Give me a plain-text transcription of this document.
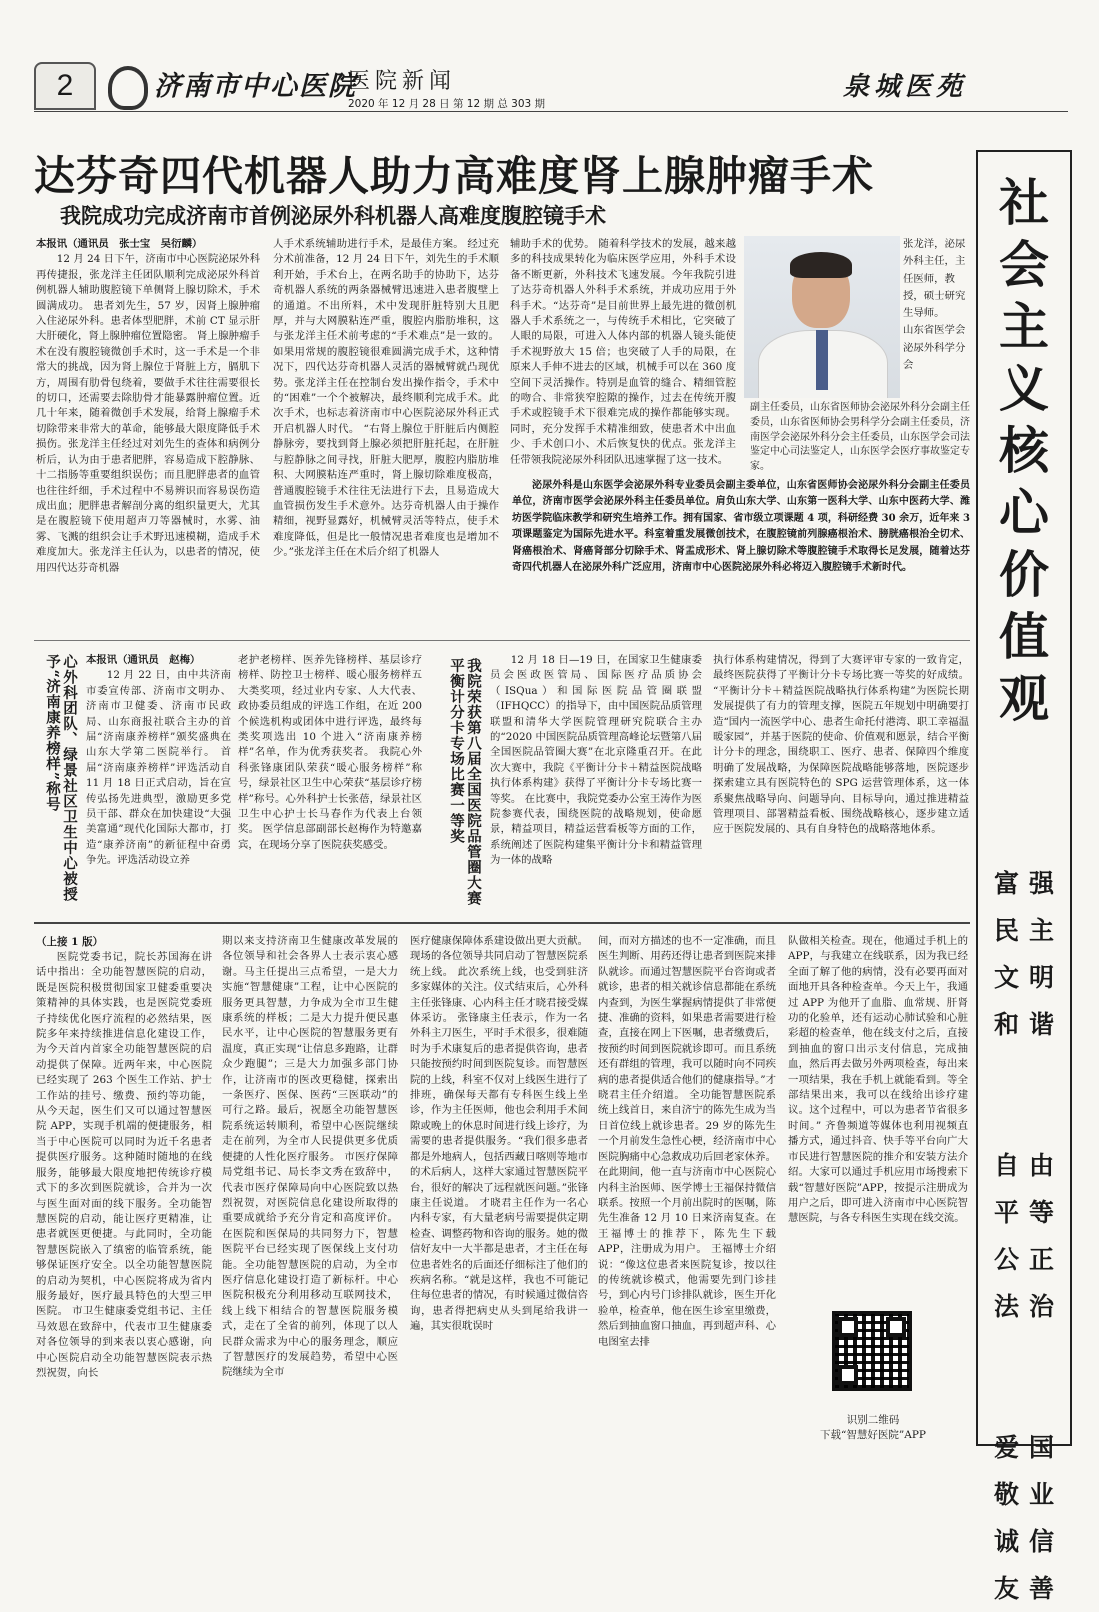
2	济南市中心医院
医院新闻
2020 年 12 月 28 日 第 12 期 总 303 期
泉城医苑
达芬奇四代机器人助力高难度肾上腺肿瘤手术
我院成功完成济南市首例泌尿外科机器人高难度腹腔镜手术

本报讯（通讯员　张士宝　吴衍麟）

12 月 24 日下午，济南市中心医院泌尿外科再传捷报，张龙洋主任团队顺利完成泌尿外科首例机器人辅助腹腔镜下单侧肾上腺切除术，手术圆满成功。 患者刘先生，57 岁，因肾上腺肿瘤入住泌尿外科。患者体型肥胖，术前 CT 显示肝大肝硬化，肾上腺肿瘤位置隐密。 肾上腺肿瘤手术在没有腹腔镜微创手术时，这一手术是一个非常大的挑战，因为肾上腺位于肾脏上方，膈肌下方，周围有肋骨包绕着，要做手术往往需要很长的切口，还需要去除肋骨才能暴露肿瘤位置。近几十年来，随着微创手术发展，给肾上腺瘤手术切除带来非常大的革命，能够最大限度降低手术损伤。张龙洋主任经过对刘先生的查体和病例分析后，认为由于患者肥胖，容易造成下腔静脉、十二指肠等重要组织误伤；而且肥胖患者的血管也往往纤细，手术过程中不易辨识而容易误伤造成出血；肥胖患者解剖分离的组织量更大，尤其是在腹腔镜下使用超声刀等器械时，水雾、油雾、飞溅的组织会让手术野迅速模糊，造成手术难度加大。张龙洋主任认为，以患者的情况，使用四代达芬奇机器

人手术系统辅助进行手术，是最佳方案。 经过充分术前准备，12 月 24 日下午，刘先生的手术顺利开始，手术台上，在两名助手的协助下，达芬奇机器人系统的两条器械臂迅速进入患者腹壁上的通道。不出所料，术中发现肝脏特别大且肥厚，并与大网膜粘连严重，腹腔内脂肪堆积，这与张龙洋主任术前考虑的“手术难点”是一致的。如果用常规的腹腔镜很难圆满完成手术，这种情况下，四代达芬奇机器人灵活的器械臂就凸现优势。张龙洋主任在控制台发出操作指令，手术中的“困难”一个个被解决，最终顺利完成手术。此次手术，也标志着济南市中心医院泌尿外科正式开启机器人时代。 “右肾上腺位于肝脏后内侧腔静脉旁，要找到肾上腺必须把肝脏托起，在肝脏与腔静脉之间寻找，肝脏大肥厚，腹腔内脂肪堆积、大网膜粘连严重时，肾上腺切除难度极高，普通腹腔镜手术往往无法进行下去，且易造成大血管损伤发生手术意外。达芬奇机器人由于操作精细，视野显露好，机械臂灵活等特点，使手术难度降低，但是比一般情况患者难度也是增加不少。”张龙洋主任在术后介绍了机器人

辅助手术的优势。 随着科学技术的发展，越来越多的科技成果转化为临床医学应用，外科手术设备不断更新，外科技术飞速发展。今年我院引进了达芬奇机器人外科手术系统，并成功应用于外科手术。“达芬奇”是目前世界上最先进的微创机器人手术系统之一，与传统手术相比，它突破了人眼的局限，可进入人体内部的机器人镜头能使手术视野放大 15 倍；也突破了人手的局限，在原来人手伸不进去的区域，机械手可以在 360 度空间下灵活操作。特别是血管的缝合、精细管腔的吻合、非常狭窄腔隙的操作，过去在传统开腹手术或腔镜手术下很难完成的操作都能够实现。同时，充分发挥手术精准细致，使患者术中出血少、手术创口小、术后恢复快的优点。张龙洋主任带领我院泌尿外科团队迅速掌握了这一技术。

张龙洋，泌尿外科主任，主任医师，教授，硕士研究生导师。
山东省医学会泌尿外科学分会

副主任委员，山东省医师协会泌尿外科分会副主任委员，山东省医师协会男科学分会副主任委员，济南医学会泌尿外科分会主任委员，山东医学会司法鉴定中心司法鉴定人，山东医学会医疗事故鉴定专家。

泌尿外科是山东医学会泌尿外科专业委员会副主委单位，山东省医师协会泌尿外科分会副主任委员单位，济南市医学会泌尿外科主任委员单位。肩负山东大学、山东第一医科大学、山东中医药大学、潍坊医学院临床教学和研究生培养工作。拥有国家、省市级立项课题 4 项，科研经费 30 余万，近年来 3 项课题鉴定为国际先进水平。科室着重发展微创技术，在腹腔镜前列腺癌根治术、膀胱癌根治全切术、肾癌根治术、肾癌肾部分切除手术、肾盂成形术、肾上腺切除术等腹腔镜手术取得长足发展，随着达芬奇四代机器人在泌尿外科广泛应用，济南市中心医院泌尿外科必将迈入腹腔镜手术新时代。

心外科团队、绿景社区卫生中心被授予“济南康养榜样”称号	本报讯（通讯员　赵梅）

12 月 22 日，由中共济南市委宣传部、济南市文明办、济南市卫健委、济南市民政局、山东商报社联合主办的首届“济南康养榜样”颁奖盛典在山东大学第二医院举行。 首届“济南康养榜样”评选活动自 11 月 18 日正式启动，旨在宣传弘扬先进典型，激励更多党员干部、群众在加快建设“大强美富通”现代化国际大都市，打造“康养济南”的新征程中奋勇争先。评选活动设立养

老护老榜样、医养先锋榜样、基层诊疗榜样、防控卫士榜样、暖心服务榜样五大类奖项，经过业内专家、人大代表、政协委员组成的评选工作组，在近 200 个候选机构或团体中进行评选，最终每类奖项选出 10 个进入“济南康养榜样”名单，作为优秀获奖者。 我院心外科张锋康团队荣获“暖心服务榜样”称号，绿景社区卫生中心荣获“基层诊疗榜样”称号。心外科护士长张蓓，绿景社区卫生中心护士长马春作为代表上台领奖。 医学信息部副部长赵梅作为特邀嘉宾，在现场分享了医院获奖感受。	我院荣获第八届全国医院品管圈大赛平衡计分卡专场比赛一等奖	12 月 18 日—19 日，在国家卫生健康委员会医政医管局、国际医疗品质协会（ISQua）和国际医院品管圈联盟（IFHQCC）的指导下，由中国医院品质管理联盟和清华大学医院管理研究院联合主办的“2020 中国医院品质管理高峰论坛暨第八届全国医院品管圈大赛”在北京隆重召开。在此次大赛中，我院《平衡计分卡＋精益医院战略执行体系构建》获得了平衡计分卡专场比赛一等奖。 在比赛中，我院党委办公室王涛作为医院参赛代表，围绕医院的战略规划，使命愿景，精益项目，精益运营看板等方面的工作，系统阐述了医院构建集平衡计分卡和精益管理为一体的战略

执行体系构建情况，得到了大赛评审专家的一致肯定，最终医院获得了平衡计分卡专场比赛一等奖的好成绩。 “平衡计分卡＋精益医院战略执行体系构建”为医院长期发展提供了有力的管理支撑，医院五年规划中明确要打造“国内一流医学中心、患者生命托付港湾、职工幸福温暖家园”，并基于医院的使命、价值观和愿景，结合平衡计分卡的理念，围绕职工、医疗、患者、保障四个维度明确了发展战略，为保障医院战略能够落地，医院逐步探索建立具有医院特色的 SPG 运营管理体系，这一体系聚焦战略导向、问题导向、目标导向，通过推进精益管理项目、部署精益看板、围绕战略核心，逐步建立适应于医院发展的、具有自身特色的战略落地体系。

（上接 1 版）

医院党委书记，院长苏国海在讲话中指出：全功能智慧医院的启动，既是医院积极贯彻国家卫健委重要决策精神的具体实践，也是医院党委班子持续优化医疗流程的必然结果，医院多年来持续推进信息化建设工作，为今天首内首家全功能智慧医院的启动提供了保障。近两年来，中心医院已经实现了 263 个医生工作站、护士工作站的挂号、缴费、预约等功能，从今天起，医生们又可以通过智慧医院 APP，实现手机端的便捷服务，相当于中心医院可以同时为近千名患者提供医疗服务。这种随时随地的在线服务，能够最大限度地把传统诊疗模式下的多次到医院就诊，合并为一次与医生面对面的线下服务。全功能智慧医院的启动，能让医疗更精准，让患者就医更便捷。与此同时，全功能智慧医院嵌入了缜密的临管系统，能够保证医疗安全。以全功能智慧医院的启动为契机，中心医院将成为省内服务最好，医疗最具特色的大型三甲医院。 市卫生健康委党组书记、主任马效恩在致辞中，代表市卫生健康委对各位领导的到来表以衷心感谢，向中心医院启动全功能智慧医院表示热烈祝贺，向长

期以来支持济南卫生健康改革发展的各位领导和社会各界人士表示衷心感谢。马主任提出三点希望，一是大力实施“智慧健康”工程，让中心医院的服务更具智慧，力争成为全市卫生健康系统的样板；二是大力提升便民惠民水平，让中心医院的智慧服务更有温度，真正实现“让信息多跑路，让群众少跑腿”；三是大力加强多部门协作，让济南市的医改更稳健，探索出一条医疗、医保、医药“三医联动”的可行之路。最后，祝愿全功能智慧医院系统运转顺利，希望中心医院继续走在前列，为全市人民提供更多优质便捷的人性化医疗服务。 市医疗保障局党组书记、局长李文秀在致辞中，代表市医疗保障局向中心医院致以热烈祝贺，对医院信息化建设所取得的重要成就给予充分肯定和高度评价。在医院和医保局的共同努力下，智慧医院平台已经实现了医保线上支付功能。全功能智慧医院的启动，为全市医疗信息化建设打造了新标杆。中心医院积极充分利用移动互联网技术，线上线下相结合的智慧医院服务模式，走在了全省的前列，体现了以人民群众需求为中心的服务理念，顺应了智慧医疗的发展趋势，希望中心医院继续为全市

医疗健康保障体系建设做出更大贡献。 现场的各位领导共同启动了智慧医院系统上线。 此次系统上线，也受到驻济多家媒体的关注。仪式结束后，心外科主任张锋康、心内科主任才晓君接受媒体采访。 张锋康主任表示，作为一名外科主刀医生，平时手术很多，很难随时为手术康复后的患者提供咨询，患者只能按预约时间到医院复诊。而智慧医院的上线，科室不仅对上线医生进行了排班，确保每天都有专科医生线上坐诊，作为主任医师，他也会利用手术间隙或晚上的休息时间进行线上诊疗，为需要的患者提供服务。“我们很多患者都是外地病人，包括西藏日喀则等地市的术后病人，这样大家通过智慧医院平台，很好的解决了远程就医问题。”张锋康主任说道。 才晓君主任作为一名心内科专家，有大量老病号需要提供定期检查、调整药物和咨询的服务。她的微信好友中一大半都是患者，才主任在每位患者姓名的后面还仔细标注了他们的疾病名称。“就是这样，我也不可能记住每位患者的情况，有时候通过微信咨询，患者得把病史从头到尾给我讲一遍，其实很耽误时

间，而对方描述的也不一定准确，而且医生判断、用药还得让患者到医院来排队就诊。而通过智慧医院平台咨询或者就诊，患者的相关就诊信息都能在系统内查到，为医生掌握病情提供了非常便捷、准确的资料，如果患者需要进行检查，直接在网上下医嘱，患者缴费后，按预约时间到医院就诊即可。而且系统还有群组的管理，我可以随时向不同疾病的患者提供适合他们的健康指导。”才晓君主任介绍道。 全功能智慧医院系统上线首日，来自济宁的陈先生成为当日首位线上就诊患者。29 岁的陈先生一个月前发生急性心梗，经济南市中心医院胸痛中心急救成功后回老家休养。在此期间，他一直与济南市中心医院心内科主治医师、医学博士王福保持微信联系。按照一个月前出院时的医嘱，陈先生准备 12 月 10 日来济南复查。在王福博士的推荐下，陈先生下载 APP，注册成为用户。 王福博士介绍说：“像这位患者来医院复诊，按以往的传统就诊模式，他需要先到门诊挂号，到心内号门诊排队就诊，医生开化验单，检查单，他在医生诊室里缴费，然后到抽血窗口抽血，再到超声科、心电图室去排

队做相关检查。现在，他通过手机上的 APP，与我建立在线联系，因为我已经全面了解了他的病情，没有必要再面对面地开具各种检查单。今天上午，我通过 APP 为他开了血脂、血常规、肝肾功的化验单，还有运动心肺试验和心脏彩超的检查单，他在线支付之后，直接到抽血的窗口出示支付信息，完成抽血，然后再去做另外两项检查，每出来一项结果，我在手机上就能看到。等全部结果出来，我可以在线给出诊疗建议。这个过程中，可以为患者节省很多时间。” 齐鲁频道等媒体也利用视频直播方式，通过抖音、快手等平台向广大市民进行智慧医院的推介和安装方法介绍。大家可以通过手机应用市场搜索下载“智慧好医院”APP，按提示注册成为用户之后，即可进入济南市中心医院智慧医院，与各专科医生实现在线交流。

识别二维码
下载“智慧好医院”APP
社
会
主
义
核
心
价
值
观
富 强
民 主
文 明
和 谐
自 由
平 等
公 正
法 治
爱 国
敬 业
诚 信
友 善
